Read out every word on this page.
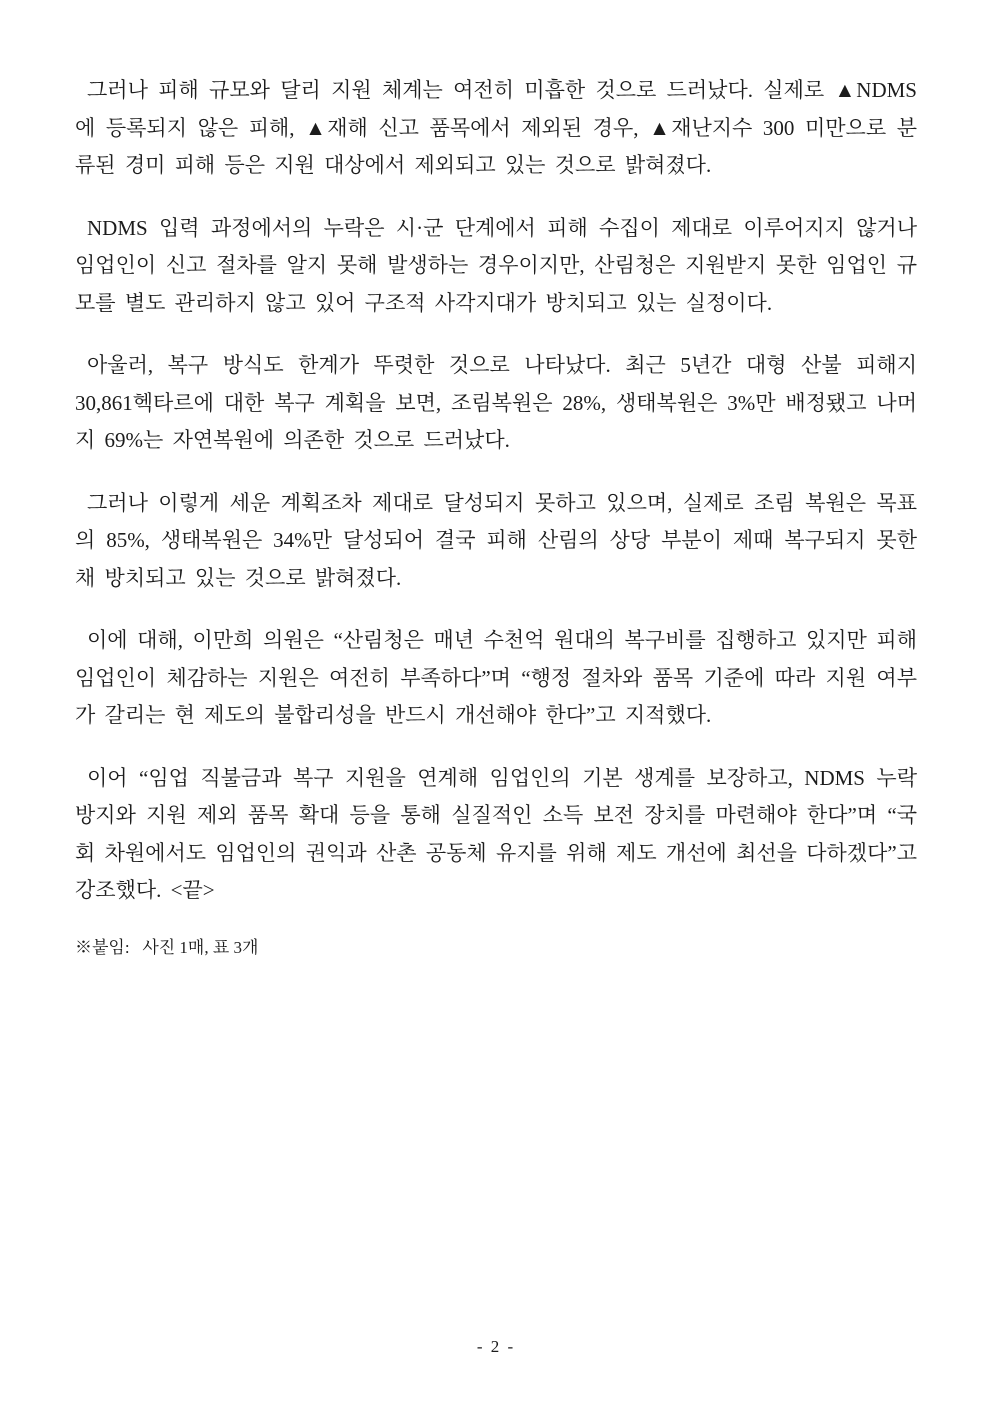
그러나 피해 규모와 달리 지원 체계는 여전히 미흡한 것으로 드러났다. 실제로 ▲NDMS에 등록되지 않은 피해, ▲재해 신고 품목에서 제외된 경우, ▲재난지수 300 미만으로 분류된 경미 피해 등은 지원 대상에서 제외되고 있는 것으로 밝혀졌다.

NDMS 입력 과정에서의 누락은 시·군 단계에서 피해 수집이 제대로 이루어지지 않거나 임업인이 신고 절차를 알지 못해 발생하는 경우이지만, 산림청은 지원받지 못한 임업인 규모를 별도 관리하지 않고 있어 구조적 사각지대가 방치되고 있는 실정이다.

아울러, 복구 방식도 한계가 뚜렷한 것으로 나타났다. 최근 5년간 대형 산불 피해지 30,861헥타르에 대한 복구 계획을 보면, 조림복원은 28%, 생태복원은 3%만 배정됐고 나머지 69%는 자연복원에 의존한 것으로 드러났다.

그러나 이렇게 세운 계획조차 제대로 달성되지 못하고 있으며, 실제로 조림 복원은 목표의 85%, 생태복원은 34%만 달성되어 결국 피해 산림의 상당 부분이 제때 복구되지 못한 채 방치되고 있는 것으로 밝혀졌다.

이에 대해, 이만희 의원은 “산림청은 매년 수천억 원대의 복구비를 집행하고 있지만 피해 임업인이 체감하는 지원은 여전히 부족하다”며 “행정 절차와 품목 기준에 따라 지원 여부가 갈리는 현 제도의 불합리성을 반드시 개선해야 한다”고 지적했다.

이어 “임업 직불금과 복구 지원을 연계해 임업인의 기본 생계를 보장하고, NDMS 누락 방지와 지원 제외 품목 확대 등을 통해 실질적인 소득 보전 장치를 마련해야 한다”며 “국회 차원에서도 임업인의 권익과 산촌 공동체 유지를 위해 제도 개선에 최선을 다하겠다”고 강조했다. <끝>

※붙임:   사진 1매, 표 3개

- 2 -
